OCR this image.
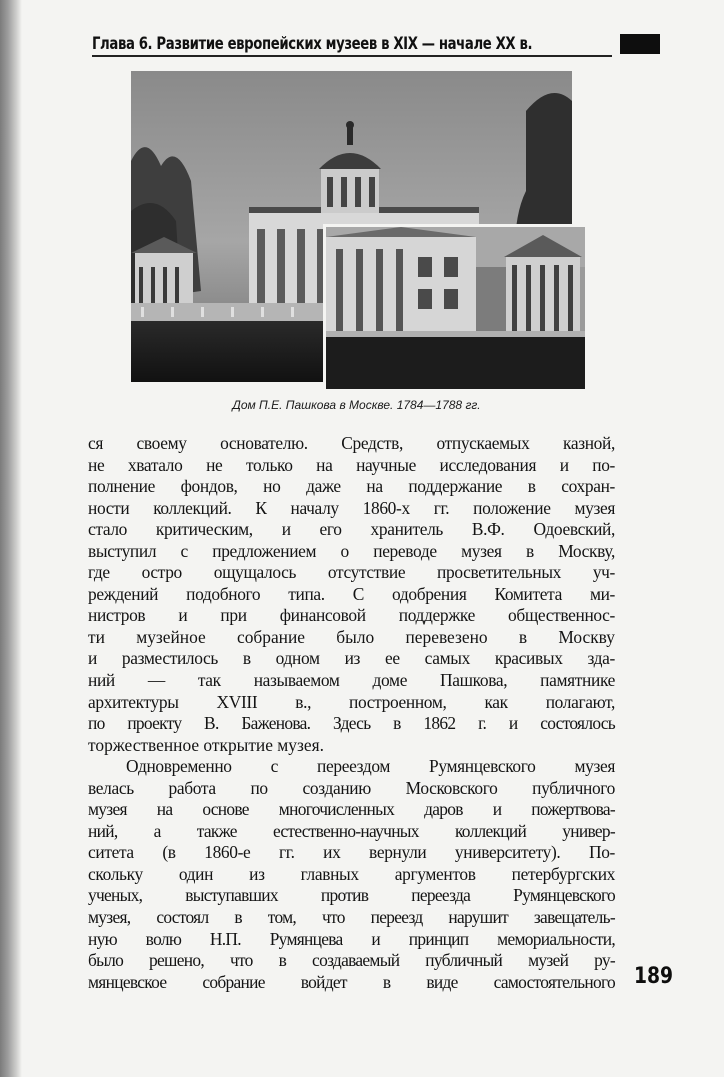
Глава 6. Развитие европейских музеев в XIX — начале XX в.
Дом П.Е. Пашкова в Москве. 1784—1788 гг.

ся своему основателю. Средств, отпускаемых казной,
не хватало не только на научные исследования и по-
полнение фондов, но даже на поддержание в сохран-
ности коллекций. К началу 1860-х гг. положение музея
стало критическим, и его хранитель В.Ф. Одоевский,
выступил с предложением о переводе музея в Москву,
где остро ощущалось отсутствие просветительных уч-
реждений подобного типа. С одобрения Комитета ми-
нистров и при финансовой поддержке общественнос-
ти музейное собрание было перевезено в Москву
и разместилось в одном из ее самых красивых зда-
ний — так называемом доме Пашкова, памятнике
архитектуры XVIII в., построенном, как полагают,
по проекту В. Баженова. Здесь в 1862 г. и состоялось
торжественное открытие музея.

Одновременно с переездом Румянцевского музея
велась работа по созданию Московского публичного
музея на основе многочисленных даров и пожертвова-
ний, а также естественно-научных коллекций универ-
ситета (в 1860-е гг. их вернули университету). По-
скольку один из главных аргументов петербургских
ученых, выступавших против переезда Румянцевского
музея, состоял в том, что переезд нарушит завещатель-
ную волю Н.П. Румянцева и принцип мемориальности,
было решено, что в создаваемый публичный музей ру-
мянцевское собрание войдет в виде самостоятельного 189
